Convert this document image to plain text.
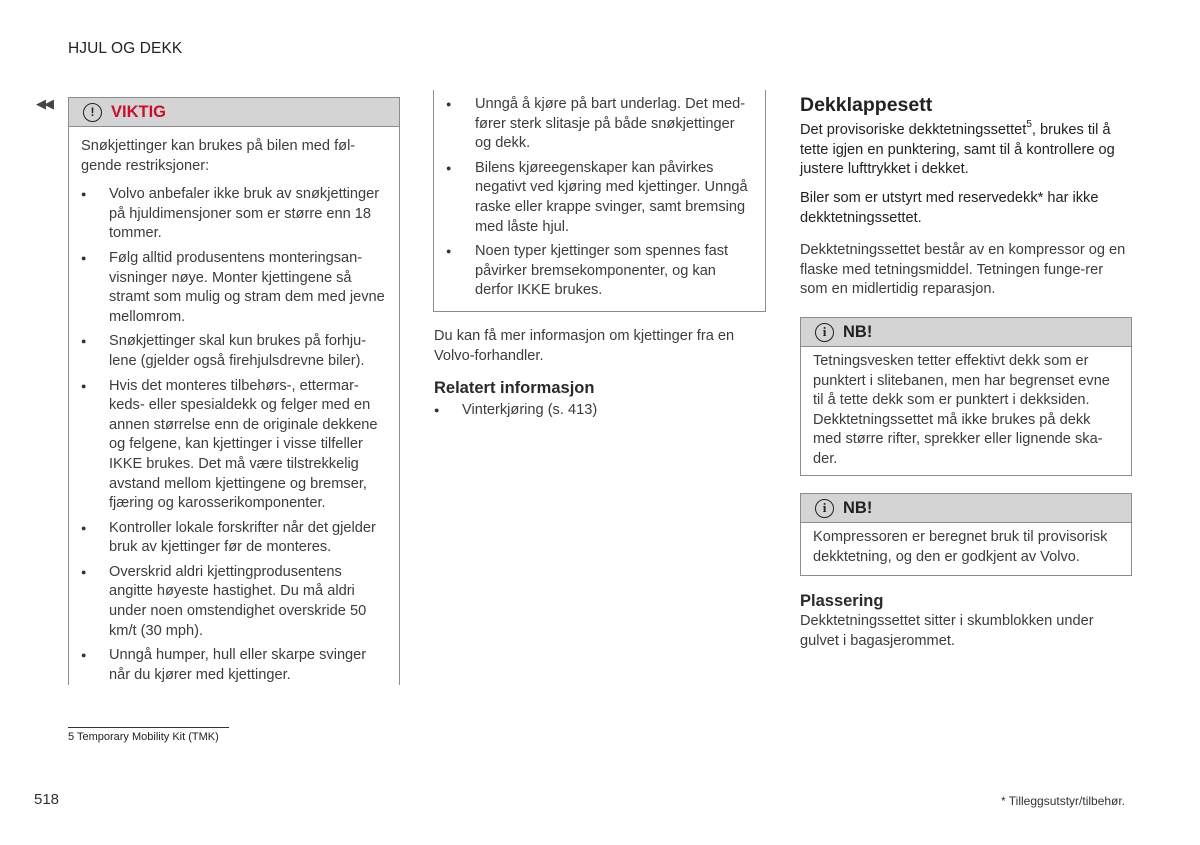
HJUL OG DEKK
◀◀
!	VIKTIG
Snøkjettinger kan brukes på bilen med føl-gende restriksjoner:
● Volvo anbefaler ikke bruk av snøkjettinger på hjuldimensjoner som er større enn 18 tommer.
● Følg alltid produsentens monteringsan-visninger nøye. Monter kjettingene så stramt som mulig og stram dem med jevne mellomrom.
● Snøkjettinger skal kun brukes på forhju-lene (gjelder også firehjulsdrevne biler).
● Hvis det monteres tilbehørs-, ettermar-keds- eller spesialdekk og felger med en annen størrelse enn de originale dekkene og felgene, kan kjettinger i visse tilfeller IKKE brukes. Det må være tilstrekkelig avstand mellom kjettingene og bremser, fjæring og karosserikomponenter.
● Kontroller lokale forskrifter når det gjelder bruk av kjettinger før de monteres.
● Overskrid aldri kjettingprodusentens angitte høyeste hastighet. Du må aldri under noen omstendighet overskride 50 km/t (30 mph).
● Unngå humper, hull eller skarpe svinger når du kjører med kjettinger.
● Unngå å kjøre på bart underlag. Det med-fører sterk slitasje på både snøkjettinger og dekk.
● Bilens kjøreegenskaper kan påvirkes negativt ved kjøring med kjettinger. Unngå raske eller krappe svinger, samt bremsing med låste hjul.
● Noen typer kjettinger som spennes fast påvirker bremsekomponenter, og kan derfor IKKE brukes.
Du kan få mer informasjon om kjettinger fra en Volvo-forhandler.
Relatert informasjon
● Vinterkjøring (s. 413)
Dekklappesett
Det provisoriske dekktetningssettet$^5$, brukes til å tette igjen en punktering, samt til å kontrollere og justere lufttrykket i dekket.
Biler som er utstyrt med reservedekk* har ikke dekktetningssettet.
Dekktetningssettet består av en kompressor og en flaske med tetningsmiddel. Tetningen funge-rer som en midlertidig reparasjon.
i	NB!
Tetningsvesken tetter effektivt dekk som er punktert i slitebanen, men har begrenset evne til å tette dekk som er punktert i dekksiden. Dekktetningssettet må ikke brukes på dekk med større rifter, sprekker eller lignende ska-der.
i	NB!
Kompressoren er beregnet bruk til provisorisk dekktetning, og den er godkjent av Volvo.
Plassering
Dekktetningssettet sitter i skumblokken under gulvet i bagasjerommet.
5 Temporary Mobility Kit (TMK)
518	* Tilleggsutstyr/tilbehør.
